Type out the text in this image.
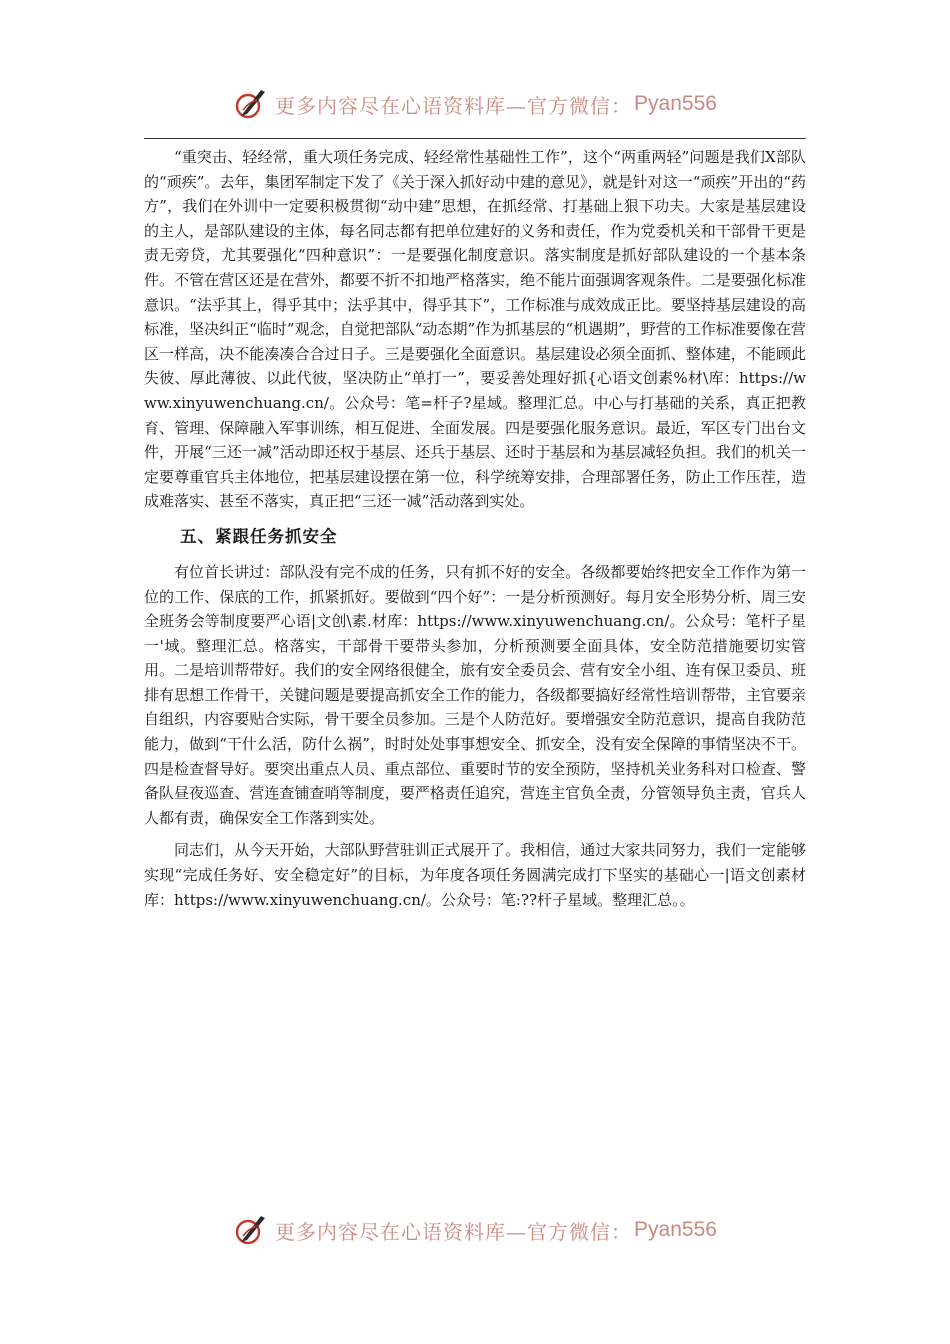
更多内容尽在心语资料库—官方微信： Pyan556

“重突击、轻经常，重大项任务完成、轻经常性基础性工作”，这个“两重两轻”问题是我们X部队的“顽疾”。去年，集团军制定下发了《关于深入抓好动中建的意见》，就是针对这一“顽疾”开出的“药方”，我们在外训中一定要积极贯彻“动中建”思想，在抓经常、打基础上狠下功夫。大家是基层建设的主人，是部队建设的主体，每名同志都有把单位建好的义务和责任，作为党委机关和干部骨干更是责无旁贷，尤其要强化“四种意识”：一是要强化制度意识。落实制度是抓好部队建设的一个基本条件。不管在营区还是在营外，都要不折不扣地严格落实，绝不能片面强调客观条件。二是要强化标准意识。“法乎其上，得乎其中；法乎其中，得乎其下”，工作标准与成效成正比。要坚持基层建设的高标准，坚决纠正“临时”观念，自觉把部队“动态期”作为抓基层的“机遇期”，野营的工作标准要像在营区一样高，决不能凑凑合合过日子。三是要强化全面意识。基层建设必须全面抓、整体建，不能顾此失彼、厚此薄彼、以此代彼，坚决防止“单打一”，要妥善处理好抓{心语文创素%材\库：https://www.xinyuwenchuang.cn/。公众号：笔=杆子?星域。整理汇总。中心与打基础的关系，真正把教育、管理、保障融入军事训练，相互促进、全面发展。四是要强化服务意识。最近，军区专门出台文件，开展“三还一减”活动即还权于基层、还兵于基层、还时于基层和为基层减轻负担。我们的机关一定要尊重官兵主体地位，把基层建设摆在第一位，科学统筹安排，合理部署任务，防止工作压茬，造成难落实、甚至不落实，真正把“三还一减”活动落到实处。

五、紧跟任务抓安全

有位首长讲过：部队没有完不成的任务，只有抓不好的安全。各级都要始终把安全工作作为第一位的工作、保底的工作，抓紧抓好。要做到“四个好”：一是分析预测好。每月安全形势分析、周三安全班务会等制度要严心语|文创\素.材库：https://www.xinyuwenchuang.cn/。公众号：笔杆子星一'域。整理汇总。格落实，干部骨干要带头参加，分析预测要全面具体，安全防范措施要切实管用。二是培训帮带好。我们的安全网络很健全，旅有安全委员会、营有安全小组、连有保卫委员、班排有思想工作骨干，关键问题是要提高抓安全工作的能力，各级都要搞好经常性培训帮带，主官要亲自组织，内容要贴合实际，骨干要全员参加。三是个人防范好。要增强安全防范意识，提高自我防范能力，做到“干什么活，防什么祸”，时时处处事事想安全、抓安全，没有安全保障的事情坚决不干。四是检查督导好。要突出重点人员、重点部位、重要时节的安全预防，坚持机关业务科对口检查、警备队昼夜巡查、营连查铺查哨等制度，要严格责任追究，营连主官负全责，分管领导负主责，官兵人人都有责，确保安全工作落到实处。

同志们，从今天开始，大部队野营驻训正式展开了。我相信，通过大家共同努力，我们一定能够实现“完成任务好、安全稳定好”的目标，为年度各项任务圆满完成打下坚实的基础心一|语文创素材库：https://www.xinyuwenchuang.cn/。公众号：笔:??杆子星域。整理汇总。。

更多内容尽在心语资料库—官方微信： Pyan556
